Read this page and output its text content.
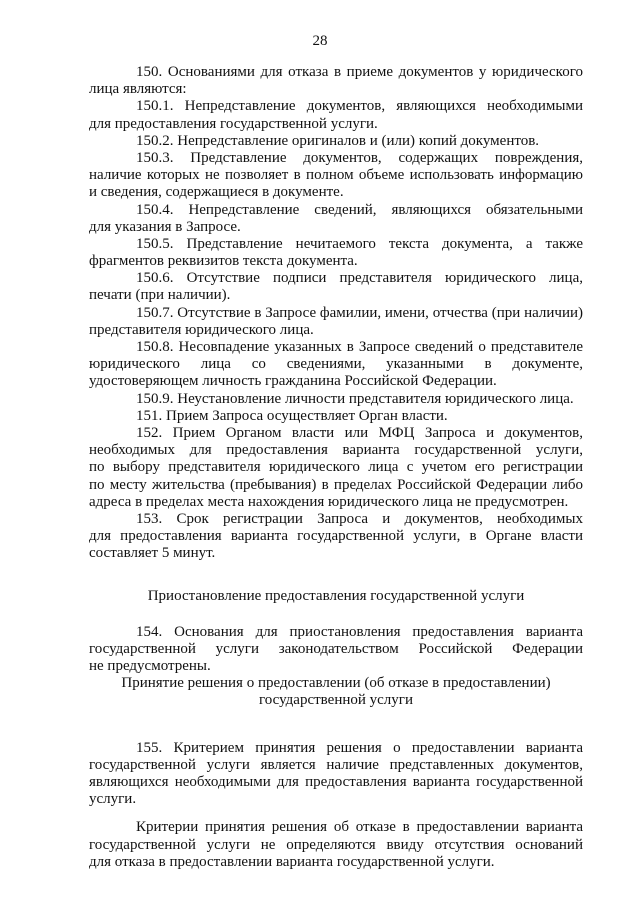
28
150. Основаниями для отказа в приеме документов у юридического
лица являются:
150.1. Непредставление документов, являющихся необходимыми
для предоставления государственной услуги.
150.2. Непредставление оригиналов и (или) копий документов.
150.3. Представление документов, содержащих повреждения,
наличие которых не позволяет в полном объеме использовать информацию
и сведения, содержащиеся в документе.
150.4. Непредставление сведений, являющихся обязательными
для указания в Запросе.
150.5. Представление нечитаемого текста документа, а также
фрагментов реквизитов текста документа.
150.6. Отсутствие подписи представителя юридического лица,
печати (при наличии).
150.7. Отсутствие в Запросе фамилии, имени, отчества (при наличии)
представителя юридического лица.
150.8. Несовпадение указанных в Запросе сведений о представителе
юридического лица со сведениями, указанными в документе,
удостоверяющем личность гражданина Российской Федерации.
150.9. Неустановление личности представителя юридического лица.
151. Прием Запроса осуществляет Орган власти.
152. Прием Органом власти или МФЦ Запроса и документов,
необходимых для предоставления варианта государственной услуги,
по выбору представителя юридического лица с учетом его регистрации
по месту жительства (пребывания) в пределах Российской Федерации либо
адреса в пределах места нахождения юридического лица не предусмотрен.
153. Срок регистрации Запроса и документов, необходимых
для предоставления варианта государственной услуги, в Органе власти
составляет 5 минут.
Приостановление предоставления государственной услуги
154. Основания для приостановления предоставления варианта
государственной услуги законодательством Российской Федерации
не предусмотрены.
Принятие решения о предоставлении (об отказе в предоставлении)
государственной услуги
155. Критерием принятия решения о предоставлении варианта
государственной услуги является наличие представленных документов,
являющихся необходимыми для предоставления варианта государственной
услуги.
Критерии принятия решения об отказе в предоставлении варианта
государственной услуги не определяются ввиду отсутствия оснований
для отказа в предоставлении варианта государственной услуги.
